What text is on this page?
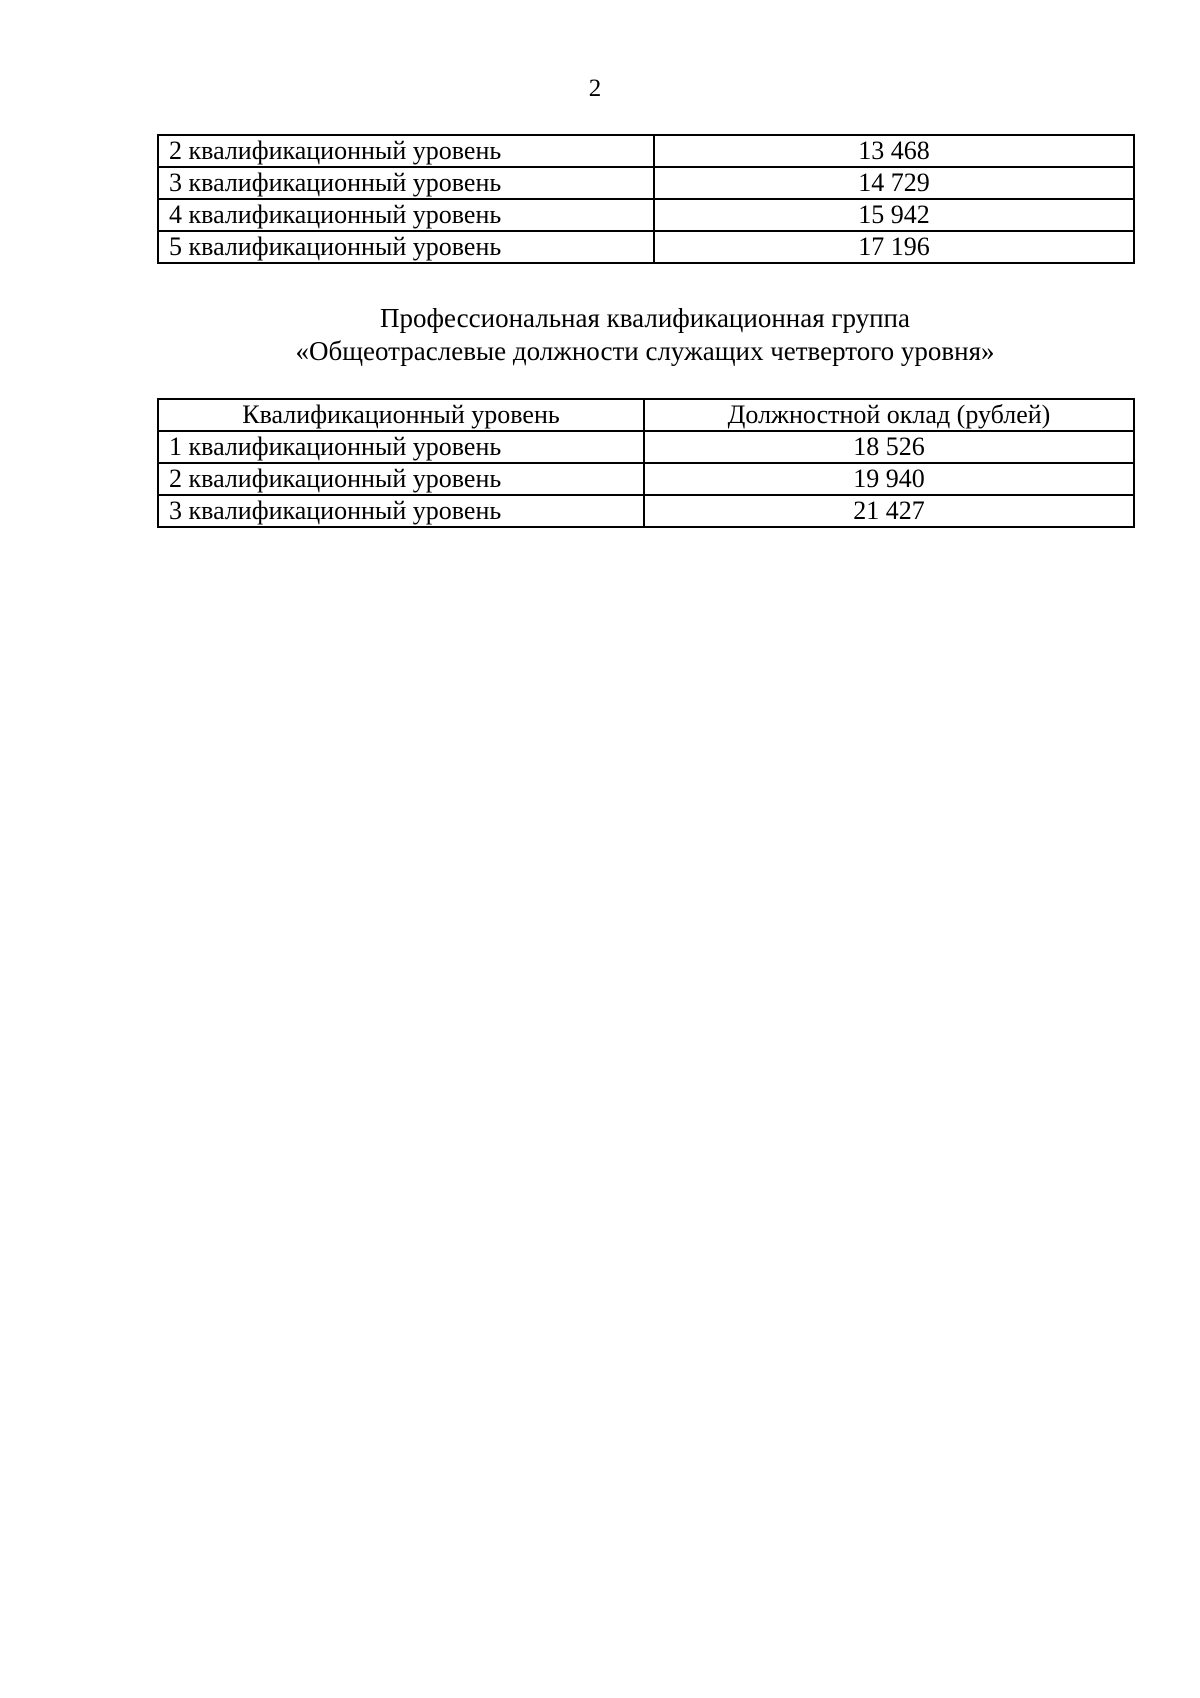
2
2 квалификационный уровень	13 468
3 квалификационный уровень	14 729
4 квалификационный уровень	15 942
5 квалификационный уровень	17 196
Профессиональная квалификационная группа
«Общеотраслевые должности служащих четвертого уровня»
Квалификационный уровень	Должностной оклад (рублей)
1 квалификационный уровень	18 526
2 квалификационный уровень	19 940
3 квалификационный уровень	21 427
